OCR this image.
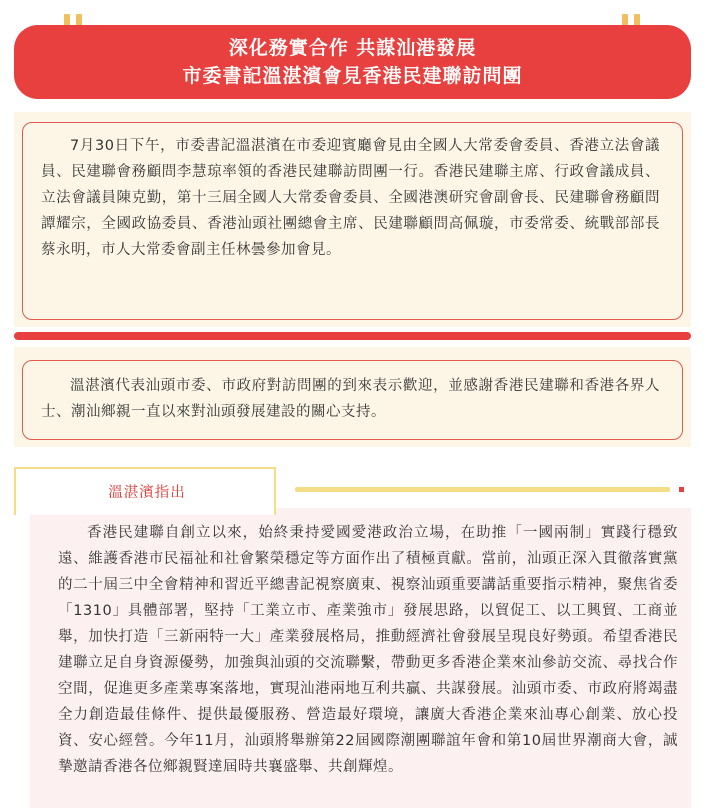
深化務實合作 共謀汕港發展
市委書記溫湛濱會見香港民建聯訪問團

7月30日下午，市委書記溫湛濱在市委迎賓廳會見由全國人大常委會委員、香港立法會議員、民建聯會務顧問李慧琼率領的香港民建聯訪問團一行。香港民建聯主席、行政會議成員、立法會議員陳克勤，第十三屆全國人大常委會委員、全國港澳研究會副會長、民建聯會務顧問譚耀宗，全國政協委員、香港汕頭社團總會主席、民建聯顧問高佩璇，市委常委、統戰部部長蔡永明，市人大常委會副主任林曇參加會見。

溫湛濱代表汕頭市委、市政府對訪問團的到來表示歡迎，並感謝香港民建聯和香港各界人士、潮汕鄉親一直以來對汕頭發展建設的關心支持。

溫湛濱指出

香港民建聯自創立以來，始終秉持愛國愛港政治立場，在助推「一國兩制」實踐行穩致遠、維護香港市民福祉和社會繁榮穩定等方面作出了積極貢獻。當前，汕頭正深入貫徹落實黨的二十屆三中全會精神和習近平總書記視察廣東、視察汕頭重要講話重要指示精神，聚焦省委「1310」具體部署，堅持「工業立市、產業強市」發展思路，以貿促工、以工興貿、工商並舉，加快打造「三新兩特一大」產業發展格局，推動經濟社會發展呈現良好勢頭。希望香港民建聯立足自身資源優勢，加強與汕頭的交流聯繫，帶動更多香港企業來汕參訪交流、尋找合作空間，促進更多產業專案落地，實現汕港兩地互利共贏、共謀發展。汕頭市委、市政府將竭盡全力創造最佳條件、提供最優服務、營造最好環境，讓廣大香港企業來汕專心創業、放心投資、安心經營。今年11月，汕頭將舉辦第22屆國際潮團聯誼年會和第10屆世界潮商大會，誠摯邀請香港各位鄉親賢達屆時共襄盛舉、共創輝煌。
